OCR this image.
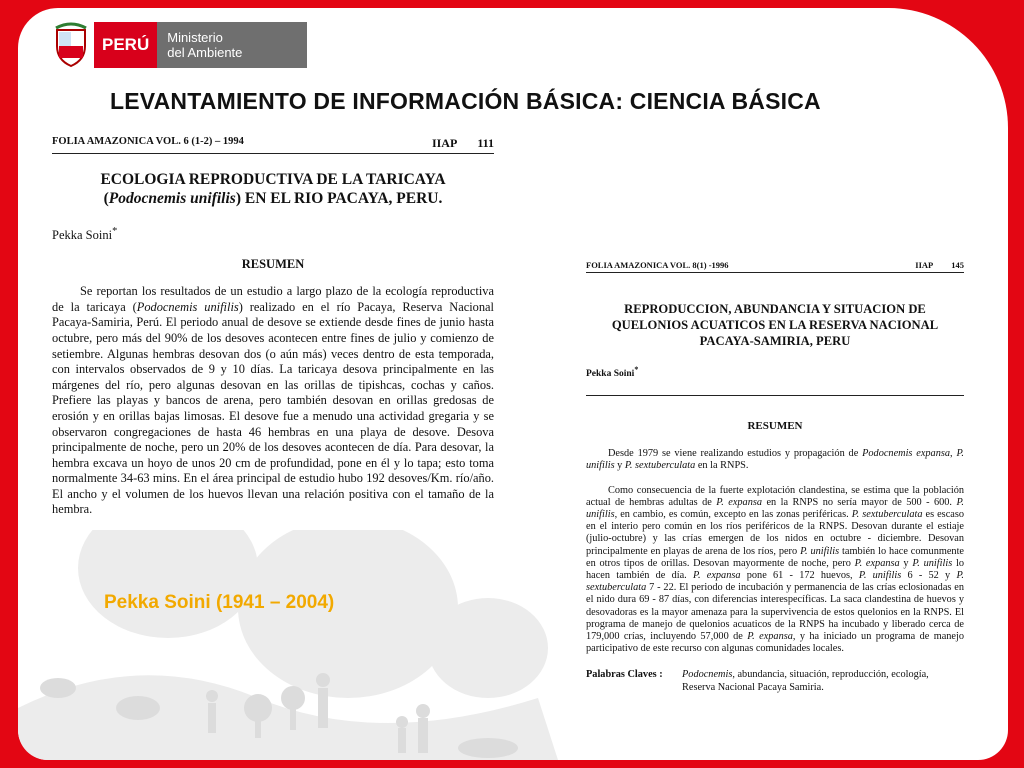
PERÚ	Ministerio
del Ambiente
LEVANTAMIENTO DE INFORMACIÓN BÁSICA: CIENCIA BÁSICA
FOLIA AMAZONICA VOL. 6 (1-2) – 1994	IIAP 111
ECOLOGIA REPRODUCTIVA DE LA TARICAYA
(Podocnemis unifilis) EN EL RIO PACAYA, PERU.
Pekka Soini*
RESUMEN

Se reportan los resultados de un estudio a largo plazo de la ecología reproductiva de la taricaya (Podocnemis unifilis) realizado en el río Pacaya, Reserva Nacional Pacaya-Samiria, Perú. El periodo anual de desove se extiende desde fines de junio hasta octubre, pero más del 90% de los desoves acontecen entre fines de julio y comienzo de setiembre. Algunas hembras desovan dos (o aún más) veces dentro de esta temporada, con intervalos observados de 9 y 10 días. La taricaya desova principalmente en las márgenes del río, pero algunas desovan en las orillas de tipishcas, cochas y caños. Prefiere las playas y bancos de arena, pero también desovan en orillas gredosas de erosión y en orillas bajas limosas. El desove fue a menudo una actividad gregaria y se observaron congregaciones de hasta 46 hembras en una playa de desove. Desova principalmente de noche, pero un 20% de los desoves acontecen de día. Para desovar, la hembra excava un hoyo de unos 20 cm de profundidad, pone en él y lo tapa; esto toma normalmente 34-63 mins. En el área principal de estudio hubo 192 desoves/Km. río/año. El ancho y el volumen de los huevos llevan una relación positiva con el tamaño de la hembra.

Pekka Soini (1941 – 2004)
FOLIA AMAZONICA VOL. 8(1) -1996	IIAP 145
REPRODUCCION, ABUNDANCIA Y SITUACION DE QUELONIOS ACUATICOS EN LA RESERVA NACIONAL PACAYA-SAMIRIA, PERU
Pekka Soini*
RESUMEN

Desde 1979 se viene realizando estudios y propagación de Podocnemis expansa, P. unifilis y P. sextuberculata en la RNPS.

Como consecuencia de la fuerte explotación clandestina, se estima que la población actual de hembras adultas de P. expansa en la RNPS no sería mayor de 500 - 600. P. unifilis, en cambio, es común, excepto en las zonas periféricas. P. sextuberculata es escaso en el interio pero común en los ríos periféricos de la RNPS. Desovan durante el estiaje (julio-octubre) y las crías emergen de los nidos en octubre - diciembre. Desovan principalmente en playas de arena de los ríos, pero P. unifilis también lo hace comunmente en otros tipos de orillas. Desovan mayormente de noche, pero P. expansa y P. unifilis lo hacen también de día. P. expansa pone 61 - 172 huevos, P. unifilis 6 - 52 y P. sextuberculata 7 - 22. El periodo de incubación y permanencia de las crías eclosionadas en el nido dura 69 - 87 días, con diferencias interespecíficas. La saca clandestina de huevos y desovadoras es la mayor amenaza para la supervivencia de estos quelonios en la RNPS. El programa de manejo de quelonios acuaticos de la RNPS ha incubado y liberado cerca de 179,000 crías, incluyendo 57,000 de P. expansa, y ha iniciado un programa de manejo participativo de este recurso con algunas comunidades locales.

Palabras Claves :	Podocnemis, abundancia, situación, reproducción, ecología, Reserva Nacional Pacaya Samiria.
